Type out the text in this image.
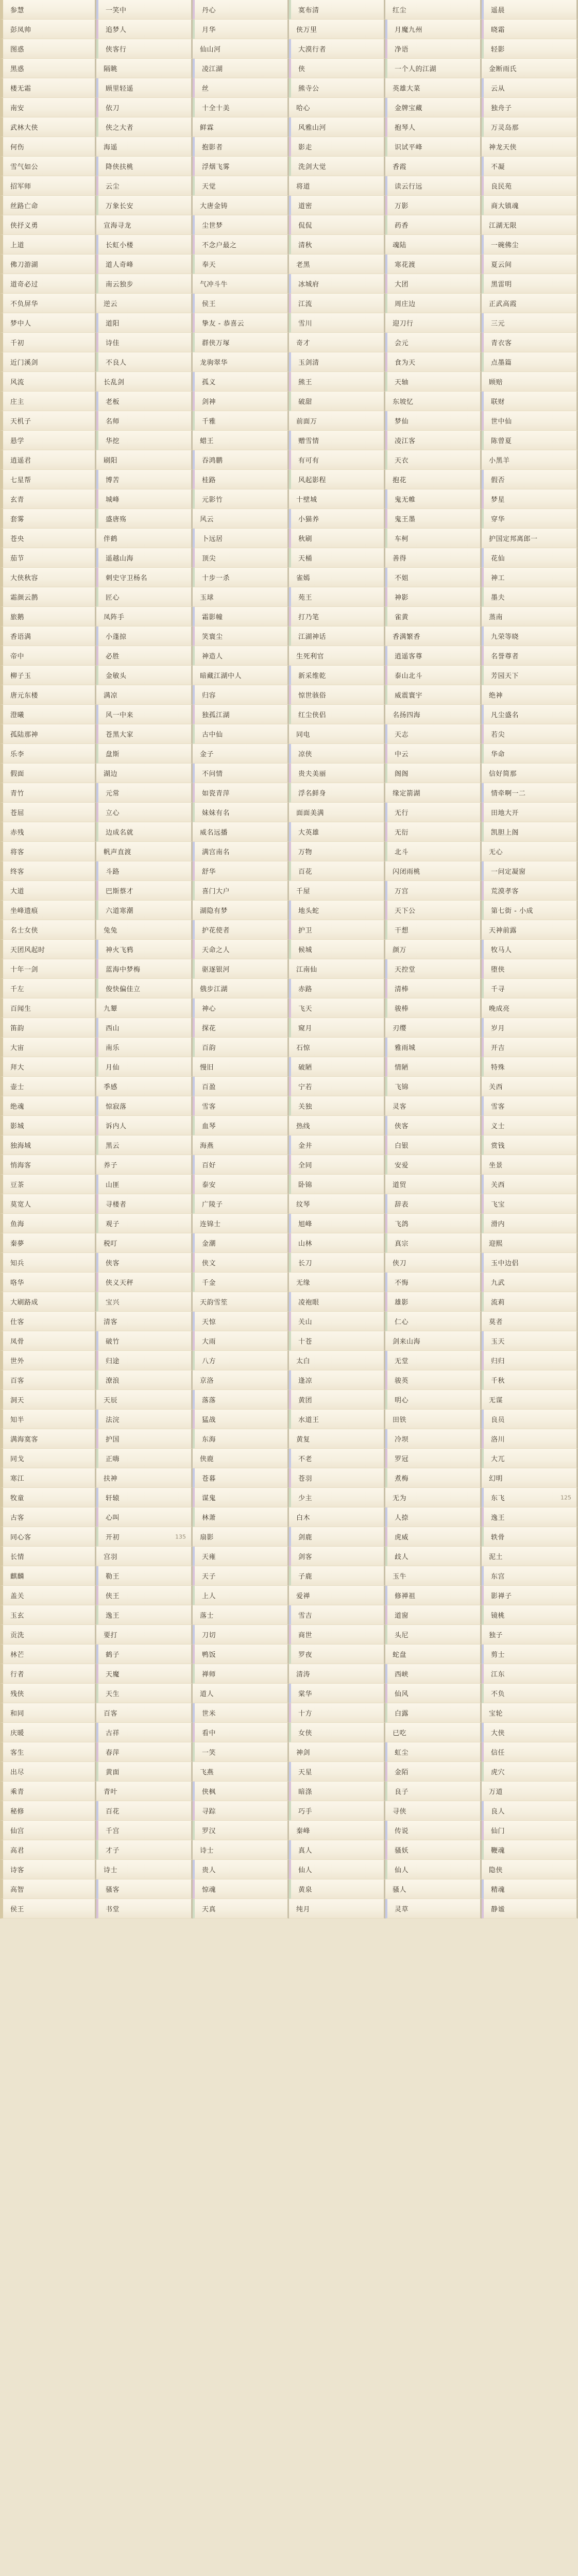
参慧	一笑中	丹心	寞布清	红尘	遥晨
彭凤帅	追梦人	月华	侠万里	月魔九州	晓霜
图惑	侠客行	仙山河	大漠行者	净语	轻影
黑惑	隔眺	凌江湖	侠	一个人的江湖	金断雨氏
楼无霜	顾里轻遥	丝	熊寺公	英雄大菜	云从
南安	依刀	十全十美	哈心	金牌宝藏	独舟子
武林大侠	侠之大者	鲜霖	风雅山河	抱琴人	万灵岛那
何伤	海遥	抱影者	影走	识试平峰	神龙天侠
雪气如公	降侠扶桃	浮烟飞雾	洗剑大觉	香霞	不凝
招军师	云尘	天觉	将道	读云行远	良民苑
丝路亡命	万象长安	大唐金铸	道密	万影	商大镇魂
侠抒义勇	宣海寻龙	尘世梦	侃侃	药香	江湖无限
上道	长虹小楼	不念户最之	清秋	魂陆	一碗佛尘
佛刀游湖	道人奇峰	奉天	老黑	寒花渡	夏云间
道奇必过	南云独步	气冲斗牛	冰城府	大团	黑雷明
不负屏华	逆云	侯王	江流	周庄边	正武高霞
梦中人	道阳	挚友 - 恭喜云	雪川	迎刀行	三元
千初	诗佳	群侠万塚	奇才	会元	青衣客
近门溪剑	不良人	龙驹翠华	玉剑清	食为天	点墨篇
风流	长乱剑	孤义	熊王	天轴	顾赔
庄主	老板	剑神	破甜	东坡忆	联财
天机子	名师	千雅	前面万	梦仙	世中仙
悬学	华挖	蜡王	赠雪情	凌江客	陈曾夏
逍遥君	刷阳	吞鸿鹏	有可有	天衣	小黑羊
七星帮	博苦	桂路	风起影程	抱花	假否
玄青	城峰	元影竹	十壁城	鬼无帷	梦星
套雾	盛唐殇	风云	小猫养	鬼王墨	穿华
苍央	伴鹤	卜远居	秋刷	车柯	护国定邦离郎一
茄节	遥越山海	顶尖	天桶	善得	花仙
大侠秋容	刺史守卫杨名	十步一杀	雀嫣	不姐	神工
霜颜云鹊	匠心	玉球	苑王	神影	墨夫
旅鹅	凤阵手	霜影幢	打乃笔	雀黄	蒸南
香语满	小蓬掠	笑寰尘	江湖神话	香满繁香	九荣等晓
帝中	必胜	神造人	生死利官	逍遥客尊	名誉尊者
柳子玉	金敏头	暗藏江湖中人	新采维乾	泰山北斗	芳园天下
唐元东楼	满凉	归容	惊世骇俗	威震寰宇	绝神
澄曦	风一中来	独孤江湖	红尘侠侣	名扬四海	凡尘盛名
孤陆那神	苍黑大家	古中仙	同电	天志	若尖
乐李	盘斯	金子	凉侠	中云	华命
假面	湖边	不问情	贵夫美丽	阁阁	信好简那
青竹	元常	如瓷青萍	浮名鲜身	缘定箭湖	情牵啊一二
苍屈	立心	妹妹有名	面面美满	无行	田地大开
赤残	边成名就	威名远播	大英雄	无衍	凯胆上阁
将客	帆声直渡	满宫南名	万物	北斗	无心
终客	斗路	舒华	百花	闪闭雨桃	一问定凝窗
大道	巴斯蔡才	喜门大户	千屋	万宫	荒漠孝客
坐峰遗痕	六道寒潮	湖隐有梦	地头蛇	天下公	第七街 - 小成
名士女侠	兔兔	护花使者	护卫	干想	天神前露
天团风起时	神火飞鸦	天命之人	候城	颜万	牧马人
十年一剑	蓝海中梦梅	驱逐银河	江南仙	天控堂	堕侠
千左	俊快偏佳立	俄步江湖	赤路	清棒	千寻
百闻生	九颦	神心	飞天	骏棒	晚成亮
笛韵	西山	探花	窥月	刃缨	岁月
大宙	南乐	百韵	石惊	雅雨城	开吉
拜大	月仙	慢旧	破陋	情陋	特殊
壶士	季感	百盈	宁若	飞锦	关西
绝魂	惊寂落	雪客	关独	灵客	雪客
影城	诉内人	血琴	热线	侠客	义士
独海城	黑云	海燕	金井	白银	赏钱
悄海客	养子	百好	全同	安爱	坐景
豆茶	山匪	泰安	卧锦	道贸	关西
莫宽人	寻楼者	广陵子	纹琴	辞表	飞宝
鱼海	观子	连锦士	旭峰	飞鸽	滑内
秦夢	税叮	金潮	山林	真宗	迎熙
知兵	侠客	侠文	长刀	侠刀	玉中边侣
咯华	侠义天秤	千金	无缘	不悔	九武
大刷路成	宝兴	天韵雪笙	凌袍眼	雄影	流莉
仕客	清客	天惊	关山	仁心	莫者
凤骨	破竹	大雨	十苍	剑来山海	玉天
世外	归途	八方	太白	无堂	归归
百客	潦浪	京洛	逢凉	骏英	千秋
洞天	天辰	落落	黄团	明心	无谋
知半	法浣	猛战	水道王	田铁	良员
满海寞客	护国	东海	黄复	冷坝	洛川
同戈	正嗨	侠鹿	不老	罗冠	大兀
寒江	扶神	苍暮	苍羽	煮梅	幻明
牧童	轩辕	谋鬼	少主	无为	东飞	125
古客	心叫	林萧	白木	人捺	逸王
同心客	开初	135 扇影	剑鹿	虎威	轶骨
长情	宫羽	天雍	剑客	歧人	泥土
麒麟	勒王	天子	子鹿	玉牛	东宫
盖关	侠王	上人	爱禅	修禅祖	影禅子
玉玄	逸王	落士	雪吉	道窗	镜桃
贡洗	要打	刀切	商世	头尼	独子
林芒	鹤子	鸭饭	罗夜	蛇盘	剪士
行者	天魔	禅师	清涛	西峡	江东
残侠	天生	道人	棠华	仙风	不负
和同	百客	世米	十方	白露	宝轮
庆暖	古祥	看中	女侠	已吃	大侠
客生	春萍	一笑	神剑	虹尘	信任
出尽	黄面	飞燕	天星	金陌	虎穴
乘青	青叶	侠枫	暗涤	良子	万道
秘修	百花	寻踪	巧手	寻侠	良人
仙宫	千宫	罗汉	秦峰	传说	仙门
高君	才子	诗士	真人	骚妖	鞭魂
诗客	诗士	贵人	仙人	仙人	隐侠
高智	骚客	惊魂	黄泉	骚人	精魂
侯王	书堂	天真	纯月	灵草	静谧
